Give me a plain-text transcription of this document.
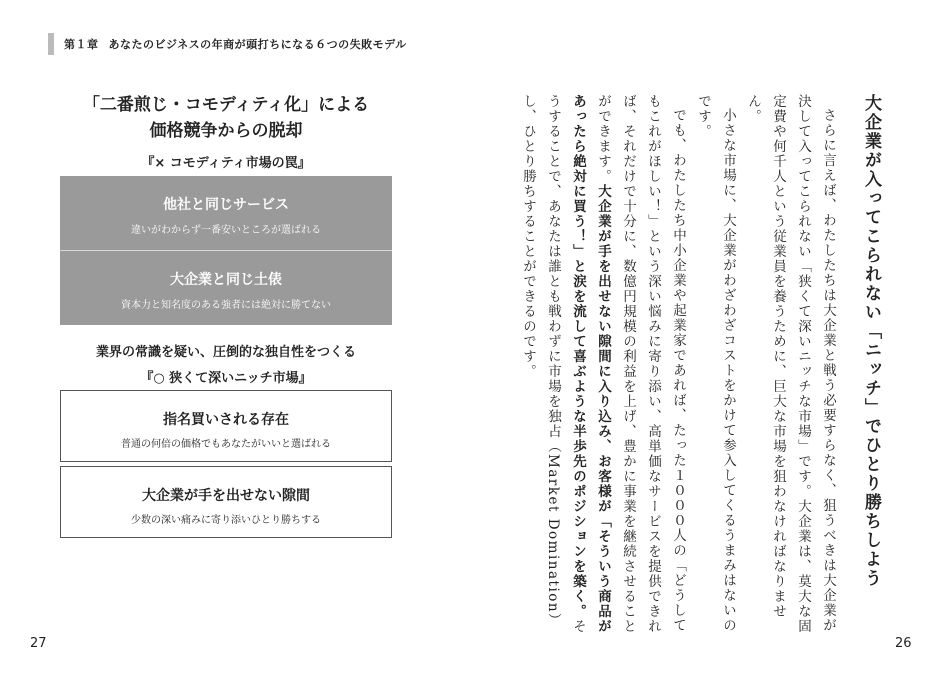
第１章 あなたのビジネスの年商が頭打ちになる６つの失敗モデル
「二番煎じ・コモディティ化」による
価格競争からの脱却
『× コモディティ市場の罠』
他社と同じサービス
違いがわからず一番安いところが選ばれる
大企業と同じ土俵
資本力と知名度のある強者には絶対に勝てない
業界の常識を疑い、圧倒的な独自性をつくる
『○ 狭くて深いニッチ市場』
指名買いされる存在
普通の何倍の価格でもあなたがいいと選ばれる
大企業が手を出せない隙間
少数の深い痛みに寄り添いひとり勝ちする
27
大企業が入ってこられない「ニッチ」でひとり勝ちしよう

さらに言えば、わたしたちは大企業と戦う必要すらなく、狙うべきは大企業が決して入ってこられない「狭くて深いニッチな市場」です。大企業は、莫大な固定費や何千人という従業員を養うために、巨大な市場を狙わなければなりません。

小さな市場に、大企業がわざわざコストをかけて参入してくるうまみはないのです。

でも、わたしたち中小企業や起業家であれば、たった１０００人の「どうしてもこれがほしい！」という深い悩みに寄り添い、高単価なサービスを提供できれば、それだけで十分に、数億円規模の利益を上げ、豊かに事業を継続させることができます。大企業が手を出せない隙間に入り込み、お客様が「そういう商品があったら絶対に買う！」と涙を流して喜ぶような半歩先のポジションを築く。そうすることで、あなたは誰とも戦わずに市場を独占（Market Domination）し、ひとり勝ちすることができるのです。

26
